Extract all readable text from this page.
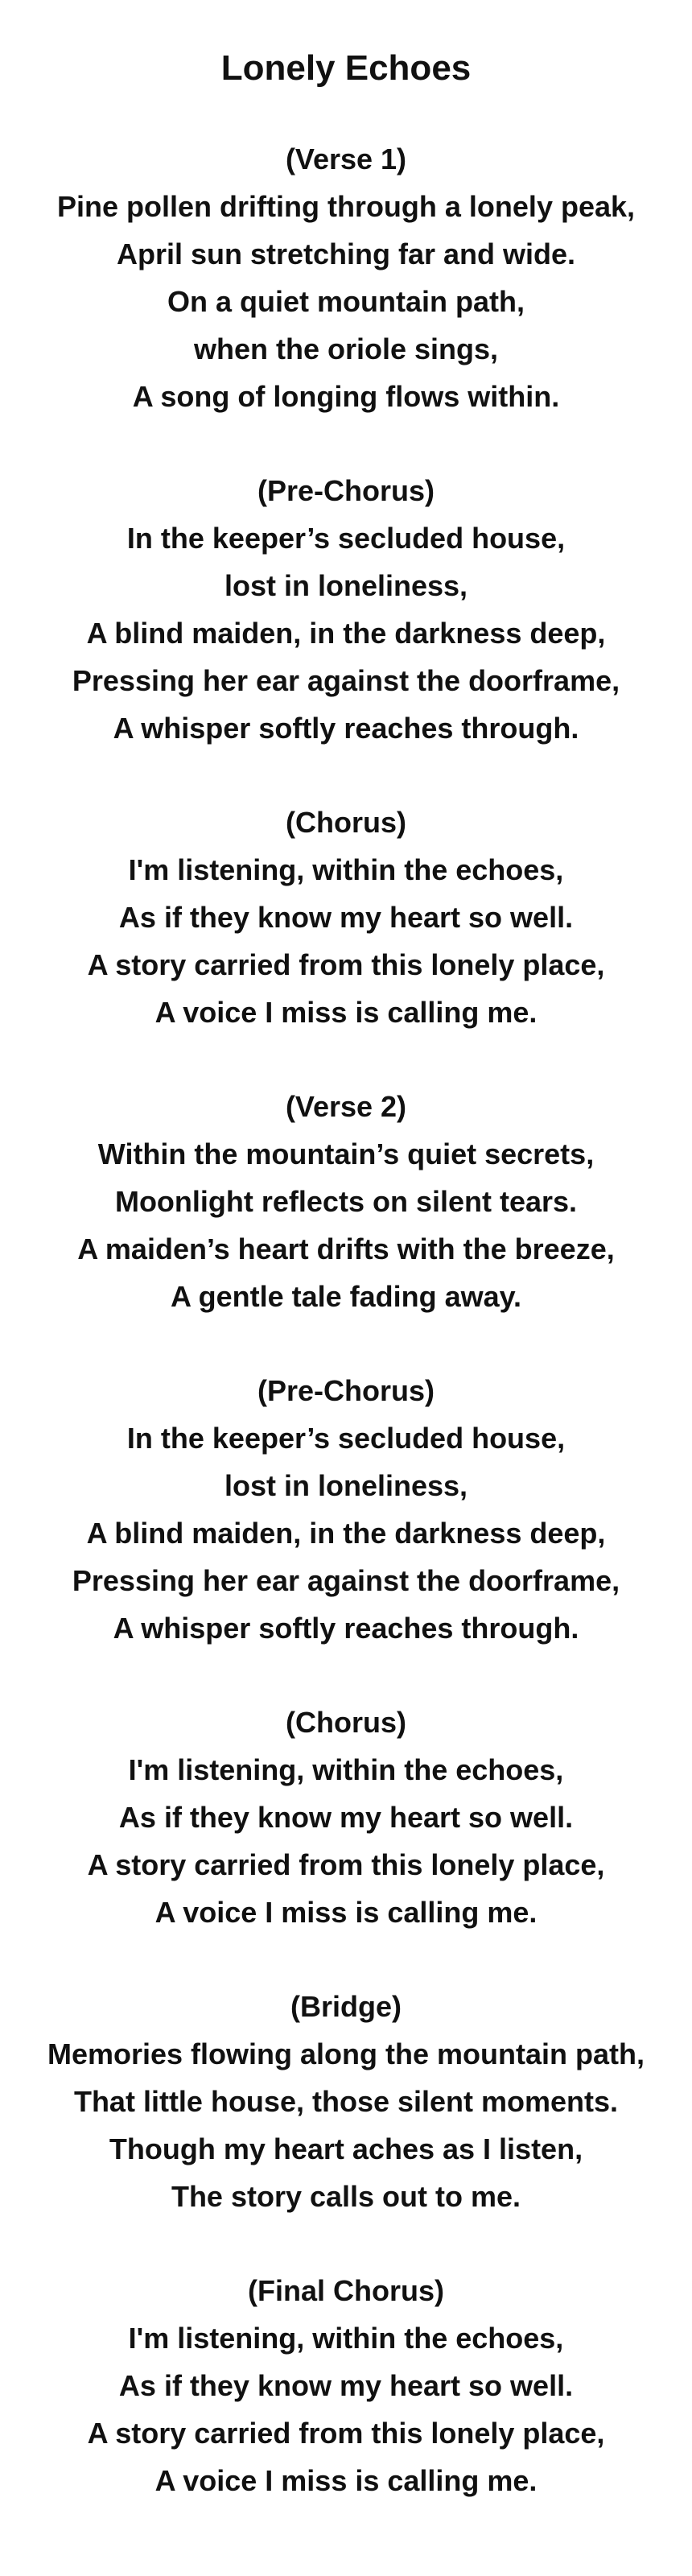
Lonely Echoes
(Verse 1)
Pine pollen drifting through a lonely peak,
April sun stretching far and wide.
On a quiet mountain path,
when the oriole sings,
A song of longing flows within.
(Pre-Chorus)
In the keeper’s secluded house,
lost in loneliness,
A blind maiden, in the darkness deep,
Pressing her ear against the doorframe,
A whisper softly reaches through.
(Chorus)
I'm listening, within the echoes,
As if they know my heart so well.
A story carried from this lonely place,
A voice I miss is calling me.
(Verse 2)
Within the mountain’s quiet secrets,
Moonlight reflects on silent tears.
A maiden’s heart drifts with the breeze,
A gentle tale fading away.
(Pre-Chorus)
In the keeper’s secluded house,
lost in loneliness,
A blind maiden, in the darkness deep,
Pressing her ear against the doorframe,
A whisper softly reaches through.
(Chorus)
I'm listening, within the echoes,
As if they know my heart so well.
A story carried from this lonely place,
A voice I miss is calling me.
(Bridge)
Memories flowing along the mountain path,
That little house, those silent moments.
Though my heart aches as I listen,
The story calls out to me.
(Final Chorus)
I'm listening, within the echoes,
As if they know my heart so well.
A story carried from this lonely place,
A voice I miss is calling me.
